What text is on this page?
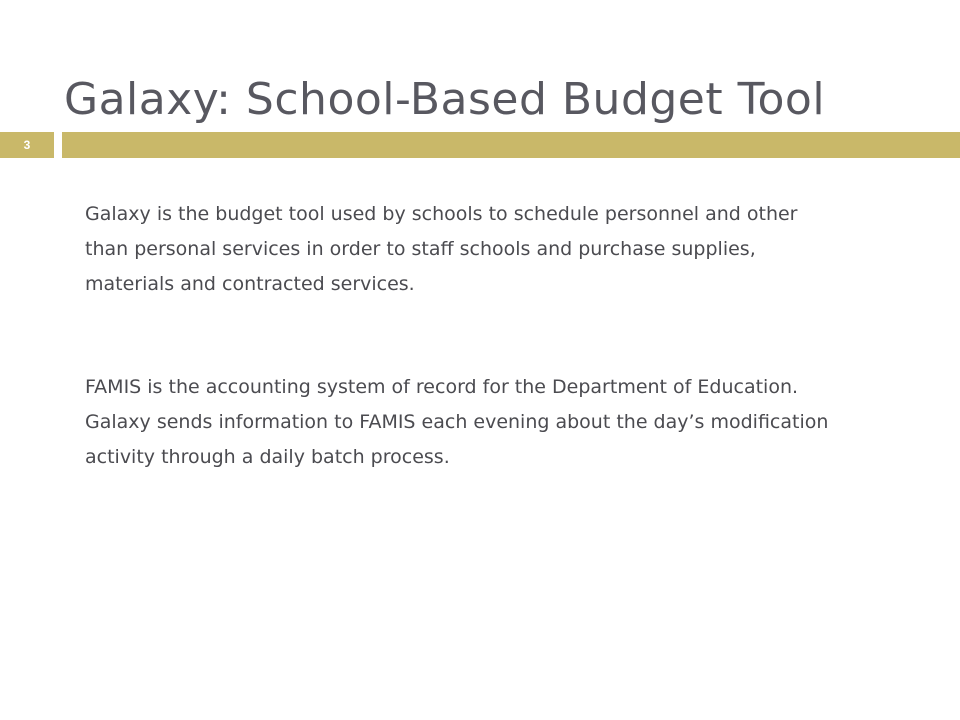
Galaxy: School-Based Budget Tool
3

Galaxy is the budget tool used by schools to schedule personnel and other than personal services in order to staff schools and purchase supplies, materials and contracted services.

FAMIS is the accounting system of record for the Department of Education. Galaxy sends information to FAMIS each evening about the day’s modification activity through a daily batch process.
